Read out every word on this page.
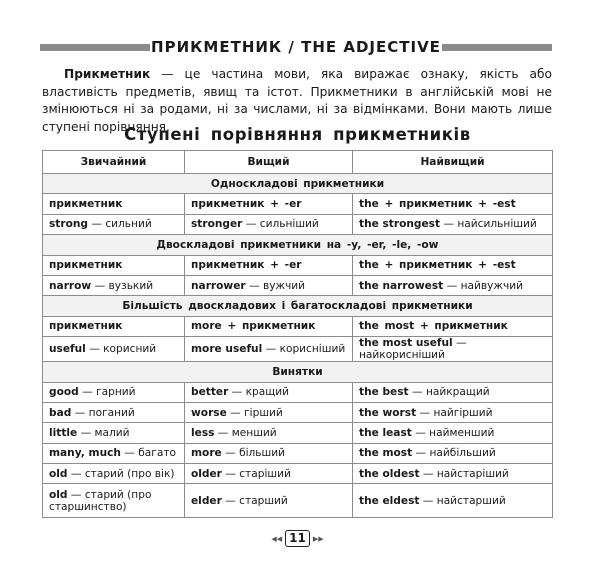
ПРИКМЕТНИК / THE ADJECTIVE

Прикметник — це частина мови, яка виражає ознаку, якість або властивість предметів, явищ та істот. Прикметники в англійській мові не змінюються ні за родами, ні за числами, ні за відмінками. Вони мають лише ступені порівняння.

Ступені порівняння прикметників
Звичайний	Вищий	Найвищий
Односкладові прикметники		
прикметник	прикметник + -er	the + прикметник + -est
strong — сильний	stronger — сильніший	the strongest — найсильніший
Двоскладові прикметники на -y, -er, -le, -ow		
прикметник	прикметник + -er	the + прикметник + -est
narrow — вузький	narrower — вужчий	the narrowest — найвужчий
Більшість двоскладових і багатоскладові прикметники		
прикметник	more + прикметник	the most + прикметник
useful — корисний	more useful — корисніший	the most useful — найкорисніший
Винятки		
good — гарний	better — кращий	the best — найкращий
bad — поганий	worse — гірший	the worst — найгірший
little — малий	less — менший	the least — найменший
many, much — багато	more — більший	the most — найбільший
old — старий (про вік)	older — старіший	the oldest — найстаріший
old — старий (про старшинство)	elder — старший	the eldest — найстарший
◀◀ 11 ▶▶
